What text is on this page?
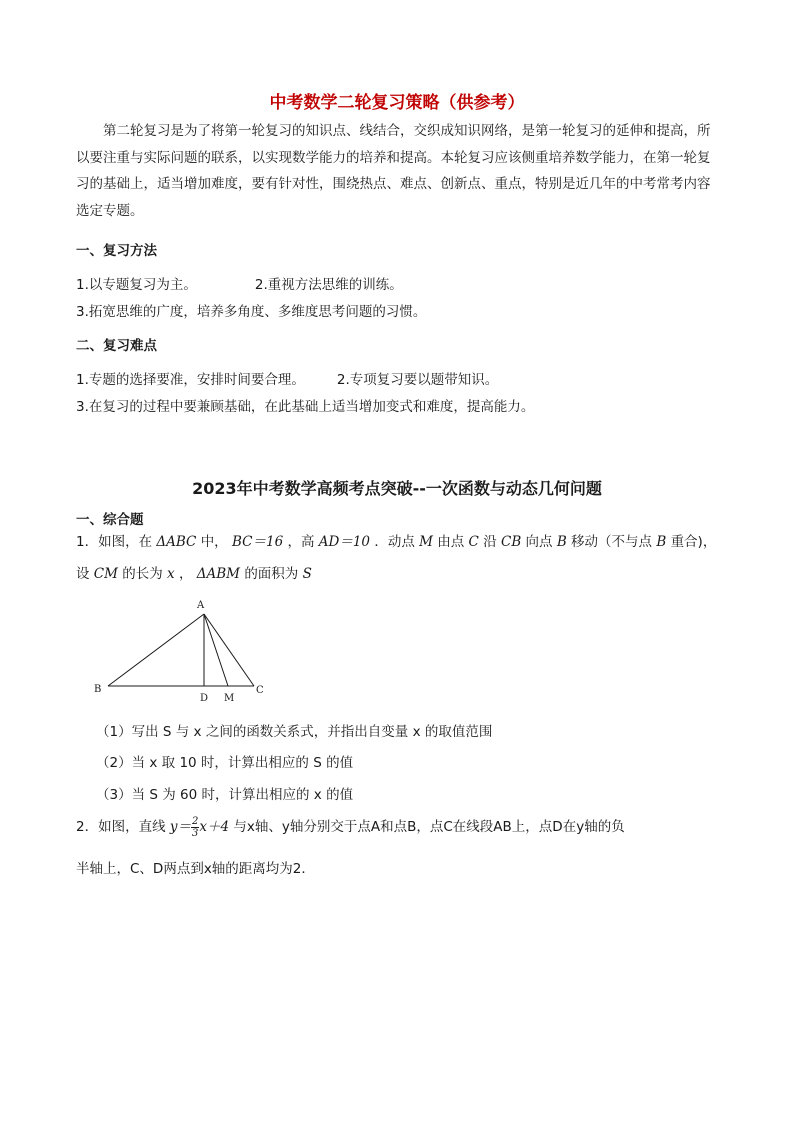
中考数学二轮复习策略（供参考）
第二轮复习是为了将第一轮复习的知识点、线结合，交织成知识网络，是第一轮复习的延伸和提高，所以要注重与实际问题的联系，以实现数学能力的培养和提高。本轮复习应该侧重培养数学能力，在第一轮复习的基础上，适当增加难度，要有针对性，围绕热点、难点、创新点、重点，特别是近几年的中考常考内容选定专题。
一、复习方法
1.以专题复习为主。	2.重视方法思维的训练。
3.拓宽思维的广度，培养多角度、多维度思考问题的习惯。
二、复习难点
1.专题的选择要准，安排时间要合理。 2.专项复习要以题带知识。
3.在复习的过程中要兼顾基础，在此基础上适当增加变式和难度，提高能力。
2023年中考数学高频考点突破--一次函数与动态几何问题
一、综合题
1．如图，在 ΔABC 中， BC＝16 ，高 AD＝10 ．动点 M 由点 C 沿 CB 向点 B 移动（不与点 B 重合)，设 CM 的长为 x ， ΔABM 的面积为 S
A
B
D M
C
（1）写出 S 与 x 之间的函数关系式，并指出自变量 x 的取值范围
（2）当 x 取 10 时，计算出相应的 S 的值
（3）当 S 为 60 时，计算出相应的 x 的值
2．如图，直线 $y= \frac{2}{3} x+4$ 与x轴、y轴分别交于点A和点B，点C在线段AB上，点D在y轴的负
半轴上，C、D两点到x轴的距离均为2．
